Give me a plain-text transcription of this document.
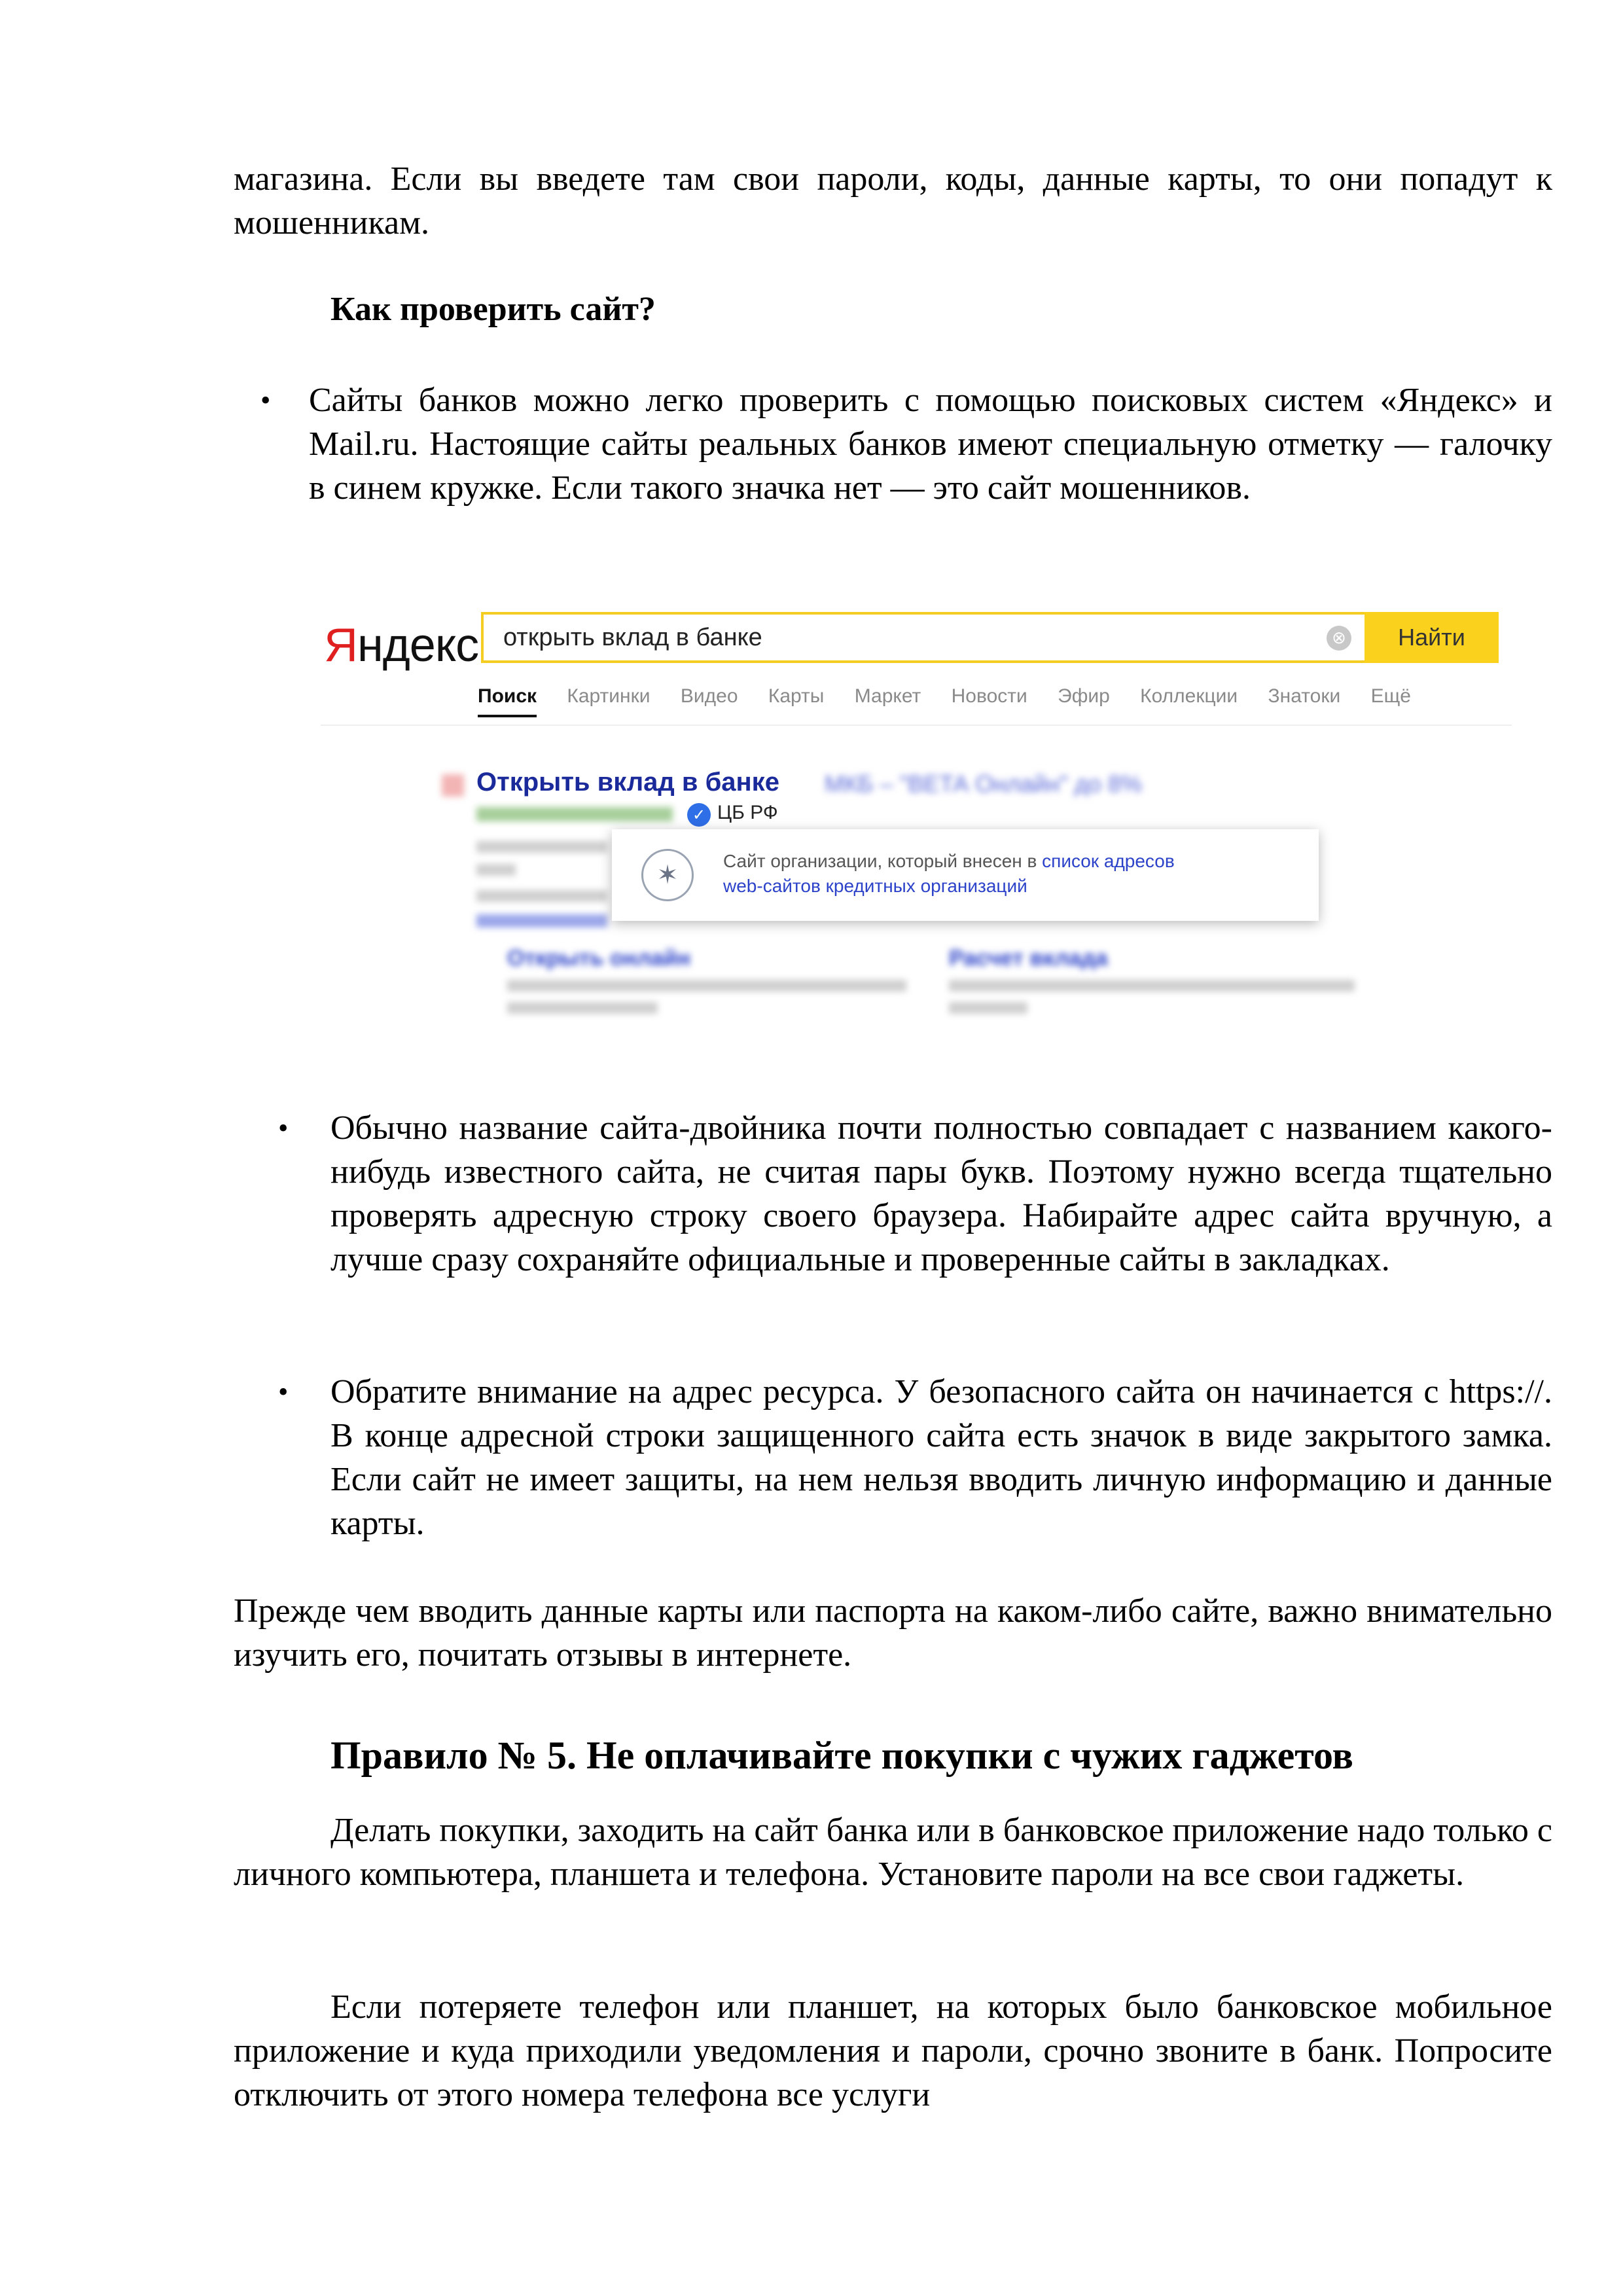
магазина. Если вы введете там свои пароли, коды, данные карты, то они попадут к мошенникам.

Как проверить сайт?

• Сайты банков можно легко проверить с помощью поисковых систем «Яндекс» и Mail.ru. Настоящие сайты реальных банков имеют специальную отметку — галочку в синем кружке. Если такого значка нет — это сайт мошенников.

Яндекс открыть вклад в банке	⊗	Найти
Поиск Картинки Видео Карты Маркет Новости Эфир Коллекции Знатоки Ещё
Открыть вклад в банке МКБ – "ВЕТА Онлайн" до 8%
✓ ЦБ РФ
✶	Сайт организации, который внесен в список адресов
web-сайтов кредитных организаций
Открыть онлайн	Расчет вклада
• Обычно название сайта-двойника почти полностью совпадает с названием какого-нибудь известного сайта, не считая пары букв. Поэтому нужно всегда тщательно проверять адресную строку своего браузера. Набирайте адрес сайта вручную, а лучше сразу сохраняйте официальные и проверенные сайты в закладках.

• Обратите внимание на адрес ресурса. У безопасного сайта он начинается с https://. В конце адресной строки защищенного сайта есть значок в виде закрытого замка. Если сайт не имеет защиты, на нем нельзя вводить личную информацию и данные карты.

Прежде чем вводить данные карты или паспорта на каком-либо сайте, важно внимательно изучить его, почитать отзывы в интернете.

Правило № 5. Не оплачивайте покупки с чужих гаджетов

Делать покупки, заходить на сайт банка или в банковское приложение надо только с личного компьютера, планшета и телефона. Установите пароли на все свои гаджеты.

Если потеряете телефон или планшет, на которых было банковское мобильное приложение и куда приходили уведомления и пароли, срочно звоните в банк. Попросите отключить от этого номера телефона все услуги
